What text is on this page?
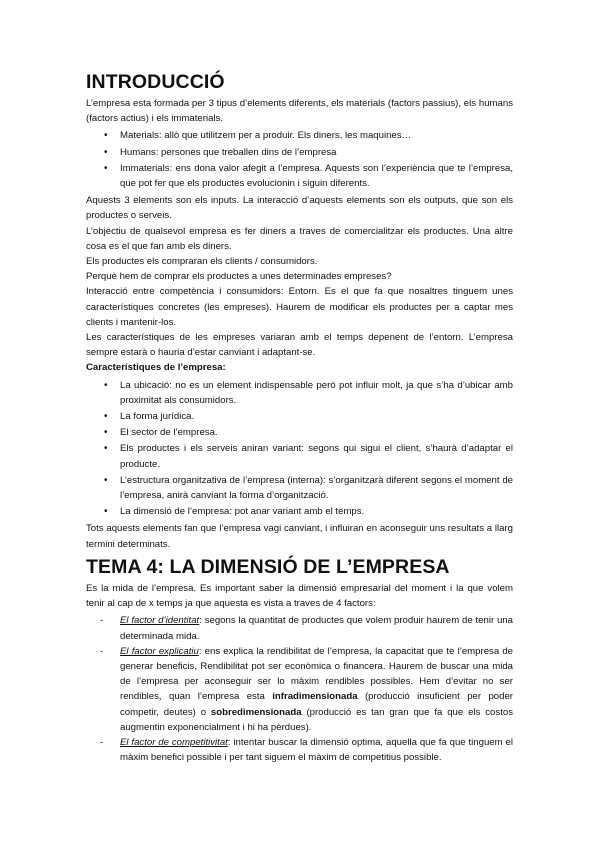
INTRODUCCIÓ

L’empresa esta formada per 3 tipus d’elements diferents, els materials (factors passius), els humans (factors actius) i els immaterials.

• Materials: allò que utilitzem per a produir. Els diners, les maquines…
• Humans: persones que treballen dins de l’empresa
• Immaterials: ens dona valor afegit a l’empresa. Aquests son l’experiència que te l’empresa, que pot fer que els productes evolucionin i siguin diferents.

Aquests 3 elements son els inputs. La interacció d’aquests elements son els outputs, que son els productes o serveis.

L’objectiu de qualsevol empresa es fer diners a traves de comercialitzar els productes. Una altre cosa es el que fan amb els diners.

Els productes els compraran els clients / consumidors.

Perquè hem de comprar els productes a unes determinades empreses?

Interacció entre competència i consumidors: Entorn. Es el que fa que nosaltres tinguem unes característiques concretes (les empreses). Haurem de modificar els productes per a captar mes clients i mantenir-los.

Les característiques de les empreses variaran amb el temps depenent de l’entorn. L’empresa sempre estarà o hauria d’estar canviant i adaptant-se.

Característiques de l’empresa:

• La ubicació: no es un element indispensable però pot influir molt, ja que s’ha d’ubicar amb proximitat als consumidors.
• La forma jurídica.
• El sector de l’empresa.
• Els productes i els serveis aniran variant: segons qui sigui el client, s’haurà d’adaptar el producte.
• L’estructura organitzativa de l’empresa (interna): s’organitzarà diferent segons el moment de l’empresa, anirà canviant la forma d’organització.
• La dimensió de l’empresa: pot anar variant amb el temps.

Tots aquests elements fan que l’empresa vagi canviant, i influiran en aconseguir uns resultats a llarg termini determinats.

TEMA 4: LA DIMENSIÓ DE L’EMPRESA

Es la mida de l’empresa. Es important saber la dimensió empresarial del moment i la que volem tenir al cap de x temps ja que aquesta es vista a traves de 4 factors:

- El factor d’identitat: segons la quantitat de productes que volem produir haurem de tenir una determinada mida.
- El factor explicatiu: ens explica la rendibilitat de l’empresa, la capacitat que te l’empresa de generar beneficis, Rendibilitat pot ser econòmica o financera. Haurem de buscar una mida de l’empresa per aconseguir ser lo màxim rendibles possibles. Hem d’evitar no ser rendibles, quan l’empresa esta infradimensionada (producció insuficient per poder competir, deutes) o sobredimensionada (producció es tan gran que fa que els costos augmentin exponencialment i hi ha pèrdues).
- El factor de competitivitat: intentar buscar la dimensió optima, aquella que fa que tinguem el màxim benefici possible i per tant siguem el màxim de competitius possible.
